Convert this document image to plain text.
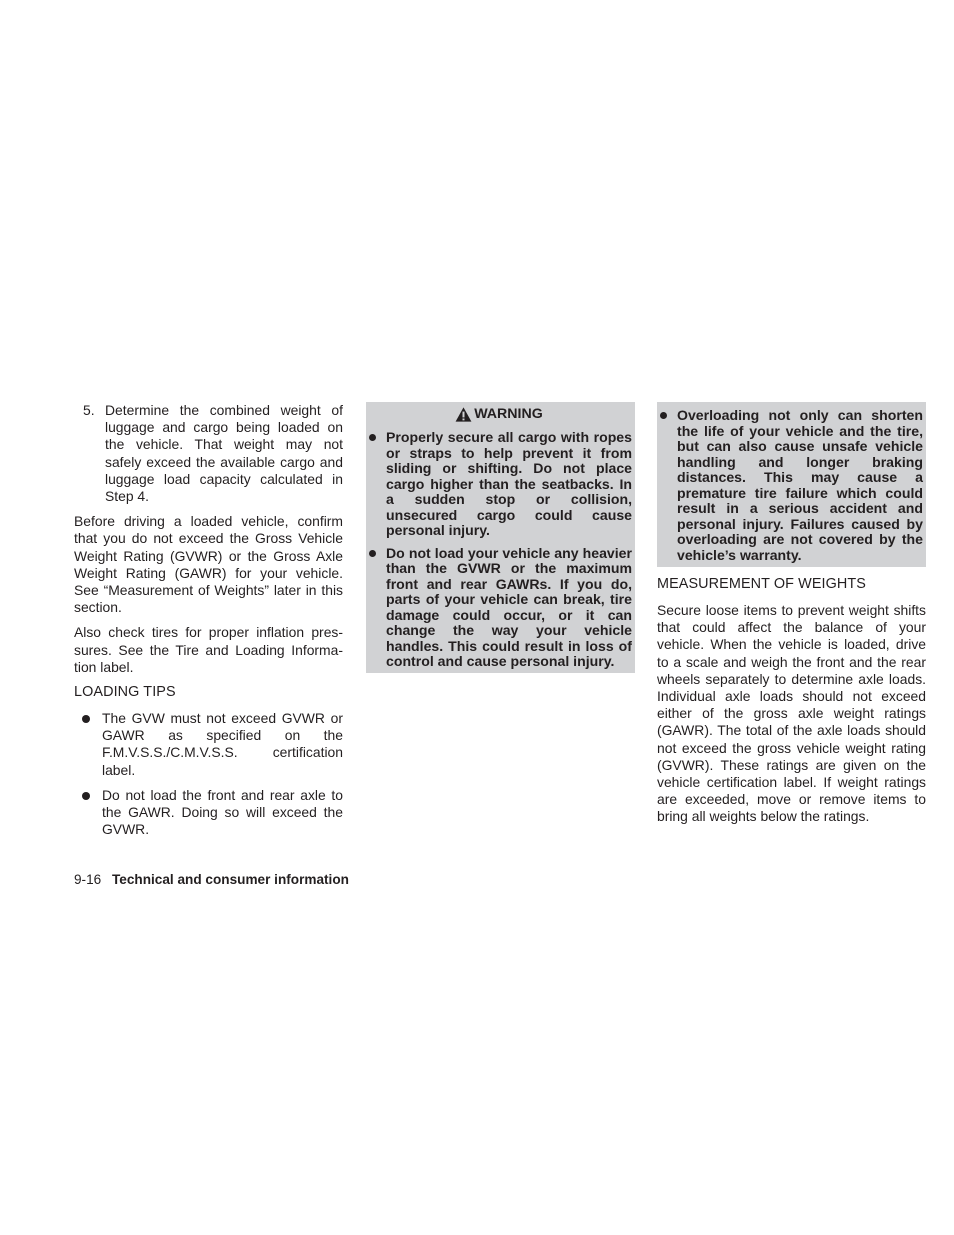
5. Determine the combined weight of luggage and cargo being loaded on the vehicle. That weight may not safely exceed the available cargo and luggage load capacity calculated in Step 4.

Before driving a loaded vehicle, confirm that you do not exceed the Gross Vehicle Weight Rating (GVWR) or the Gross Axle Weight Rating (GAWR) for your vehicle. See “Measurement of Weights” later in this section.

Also check tires for proper inflation pressures. See the Tire and Loading Information label.

LOADING TIPS

The GVW must not exceed GVWR or GAWR as specified on the F.M.V.S.S./C.M.V.S.S. certification label.

Do not load the front and rear axle to the GAWR. Doing so will exceed the GVWR.

WARNING

Properly secure all cargo with ropes or straps to help prevent it from sliding or shifting. Do not place cargo higher than the seatbacks. In a sudden stop or collision, unsecured cargo could cause personal injury.

Do not load your vehicle any heavier than the GVWR or the maximum front and rear GAWRs. If you do, parts of your vehicle can break, tire damage could occur, or it can change the way your vehicle handles. This could result in loss of control and cause personal injury.

Overloading not only can shorten the life of your vehicle and the tire, but can also cause unsafe vehicle handling and longer braking distances. This may cause a premature tire failure which could result in a serious accident and personal injury. Failures caused by overloading are not covered by the vehicle’s warranty.

MEASUREMENT OF WEIGHTS

Secure loose items to prevent weight shifts that could affect the balance of your vehicle. When the vehicle is loaded, drive to a scale and weigh the front and the rear wheels separately to determine axle loads. Individual axle loads should not exceed either of the gross axle weight ratings (GAWR). The total of the axle loads should not exceed the gross vehicle weight rating (GVWR). These ratings are given on the vehicle certification label. If weight ratings are exceeded, move or remove items to bring all weights below the ratings.

9-16 Technical and consumer information
